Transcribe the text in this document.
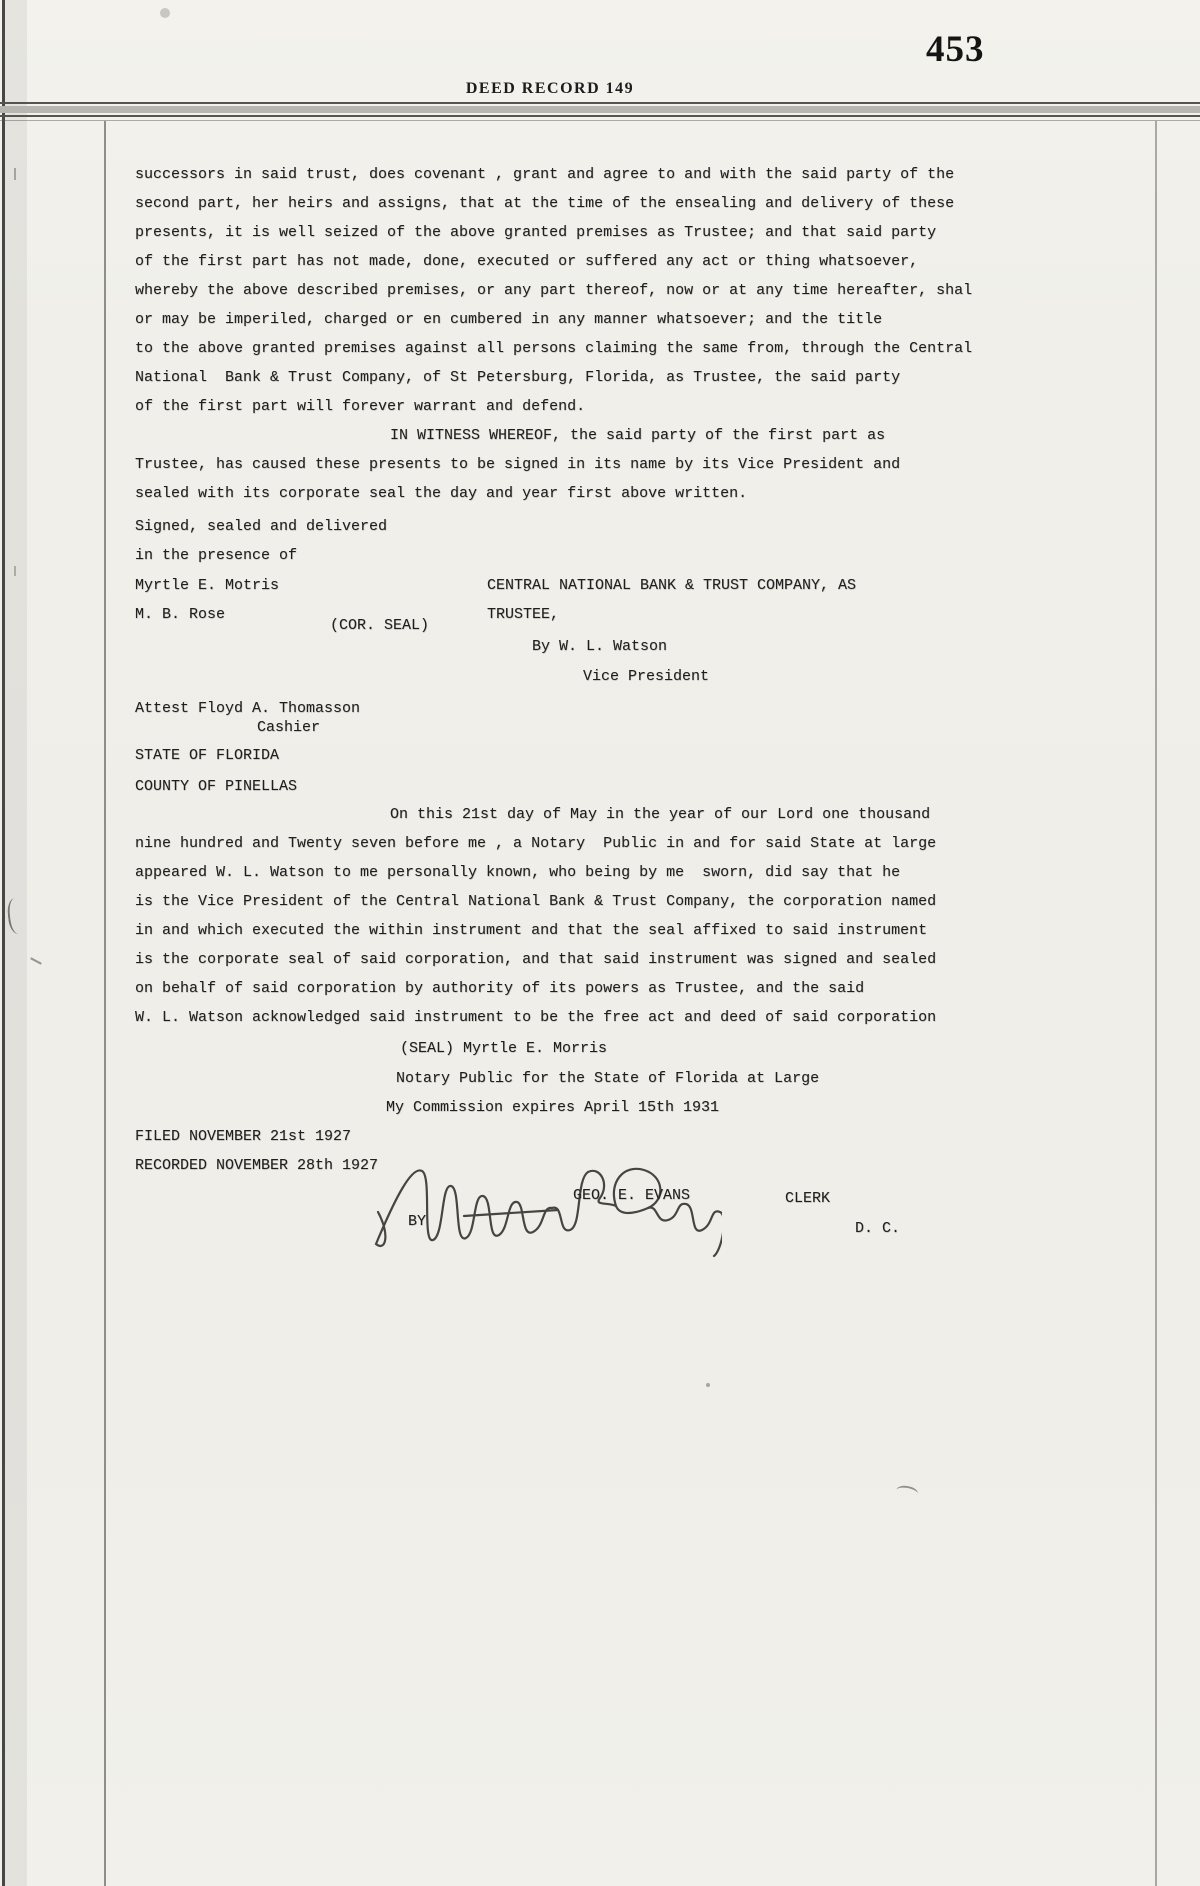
453
DEED RECORD 149
successors in said trust, does covenant , grant and agree to and with the said party of the
second part, her heirs and assigns, that at the time of the ensealing and delivery of these
presents, it is well seized of the above granted premises as Trustee; and that said party
of the first part has not made, done, executed or suffered any act or thing whatsoever,
whereby the above described premises, or any part thereof, now or at any time hereafter, shal
or may be imperiled, charged or en cumbered in any manner whatsoever; and the title
to the above granted premises against all persons claiming the same from, through the Central
National  Bank & Trust Company, of St Petersburg, Florida, as Trustee, the said party
of the first part will forever warrant and defend.
IN WITNESS WHEREOF, the said party of the first part as
Trustee, has caused these presents to be signed in its name by its Vice President and
sealed with its corporate seal the day and year first above written.
Signed, sealed and delivered
in the presence of
Myrtle E. Motris	CENTRAL NATIONAL BANK & TRUST COMPANY, AS
M. B. Rose	TRUSTEE,
(COR. SEAL)
By W. L. Watson
Vice President
Attest Floyd A. Thomasson
Cashier
STATE OF FLORIDA
COUNTY OF PINELLAS
On this 21st day of May in the year of our Lord one thousand
nine hundred and Twenty seven before me , a Notary  Public in and for said State at large
appeared W. L. Watson to me personally known, who being by me  sworn, did say that he
is the Vice President of the Central National Bank & Trust Company, the corporation named
in and which executed the within instrument and that the seal affixed to said instrument
is the corporate seal of said corporation, and that said instrument was signed and sealed
on behalf of said corporation by authority of its powers as Trustee, and the said
W. L. Watson acknowledged said instrument to be the free act and deed of said corporation
(SEAL) Myrtle E. Morris
Notary Public for the State of Florida at Large
My Commission expires April 15th 1931
FILED NOVEMBER 21st 1927
RECORDED NOVEMBER 28th 1927
GEO. E. EVANS	CLERK
BY	D. C.
